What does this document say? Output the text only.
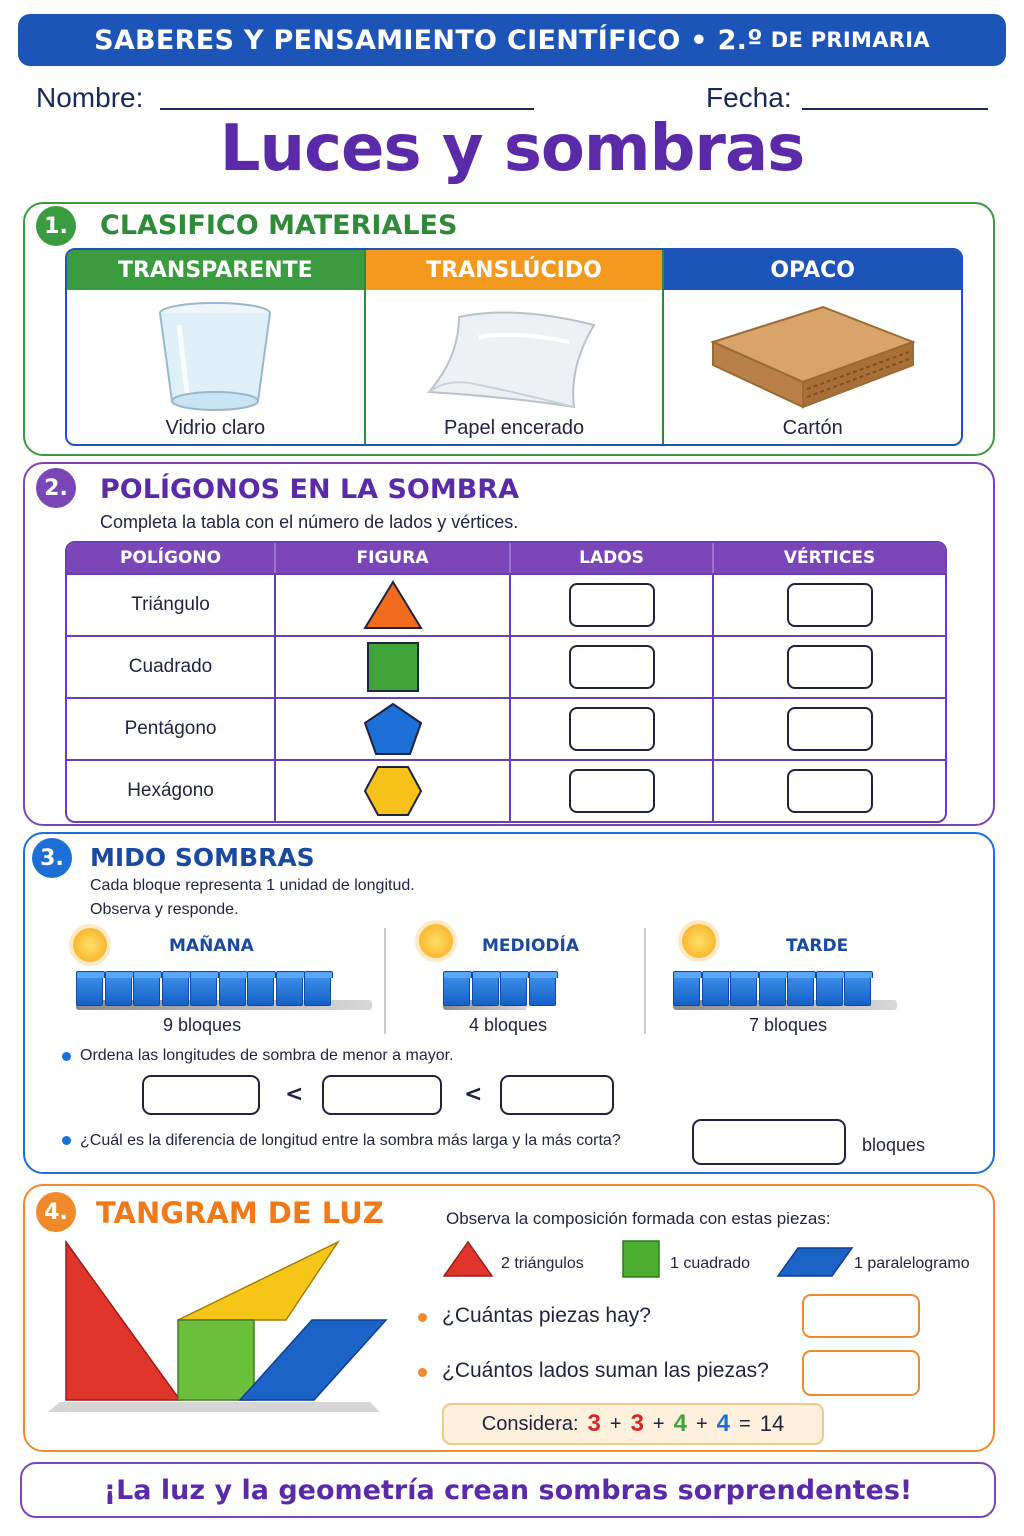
SABERES Y PENSAMIENTO CIENTÍFICO • 2.º DE PRIMARIA
Nombre:	Fecha:
Luces y sombras
1.	CLASIFICO MATERIALES
TRANSPARENTE
Vidrio claro
TRANSLÚCIDO
Papel encerado
OPACO
Cartón
2.	POLÍGONOS EN LA SOMBRA
Completa la tabla con el número de lados y vértices.
POLÍGONO	FIGURA	LADOS	VÉRTICES
Triángulo
Cuadrado
Pentágono
Hexágono
3.	MIDO SOMBRAS
Cada bloque representa 1 unidad de longitud.
Observa y responde.
MAÑANA
9 bloques
MEDIODÍA
4 bloques
TARDE
7 bloques
Ordena las longitudes de sombra de menor a mayor.
<	<
¿Cuál es la diferencia de longitud entre la sombra más larga y la más corta?	bloques
4. TANGRAM DE LUZ	Observa la composición formada con estas piezas:
2 triángulos	1 cuadrado	1 paralelogramo
¿Cuántas piezas hay?
¿Cuántos lados suman las piezas?
Considera: 3 + 3 + 4 + 4 = 14
¡La luz y la geometría crean sombras sorprendentes!
